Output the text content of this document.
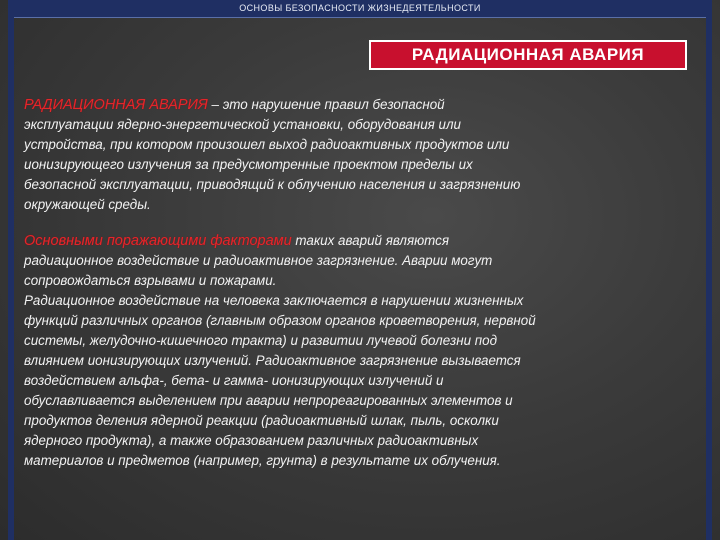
ОСНОВЫ БЕЗОПАСНОСТИ ЖИЗНЕДЕЯТЕЛЬНОСТИ
РАДИАЦИОННАЯ АВАРИЯ
РАДИАЦИОННАЯ АВАРИЯ – это нарушение правил безопасной
эксплуатации ядерно-энергетической установки, оборудования или
устройства, при котором произошел выход радиоактивных продуктов или
ионизирующего излучения за предусмотренные проектом пределы их
безопасной эксплуатации, приводящий к облучению населения и загрязнению
окружающей среды.
Основными поражающими факторами таких аварий являются
радиационное воздействие и радиоактивное загрязнение. Аварии могут
сопровождаться взрывами и пожарами.
Радиационное воздействие на человека заключается в нарушении жизненных
функций различных органов (главным образом органов кроветворения, нервной
системы, желудочно-кишечного тракта) и развитии лучевой болезни под
влиянием ионизирующих излучений. Радиоактивное загрязнение вызывается
воздействием альфа-, бета- и гамма- ионизирующих излучений и
обуславливается выделением при аварии непрореагированных элементов и
продуктов деления ядерной реакции (радиоактивный шлак, пыль, осколки
ядерного продукта), а также образованием различных радиоактивных
материалов и предметов (например, грунта) в результате их облучения.
